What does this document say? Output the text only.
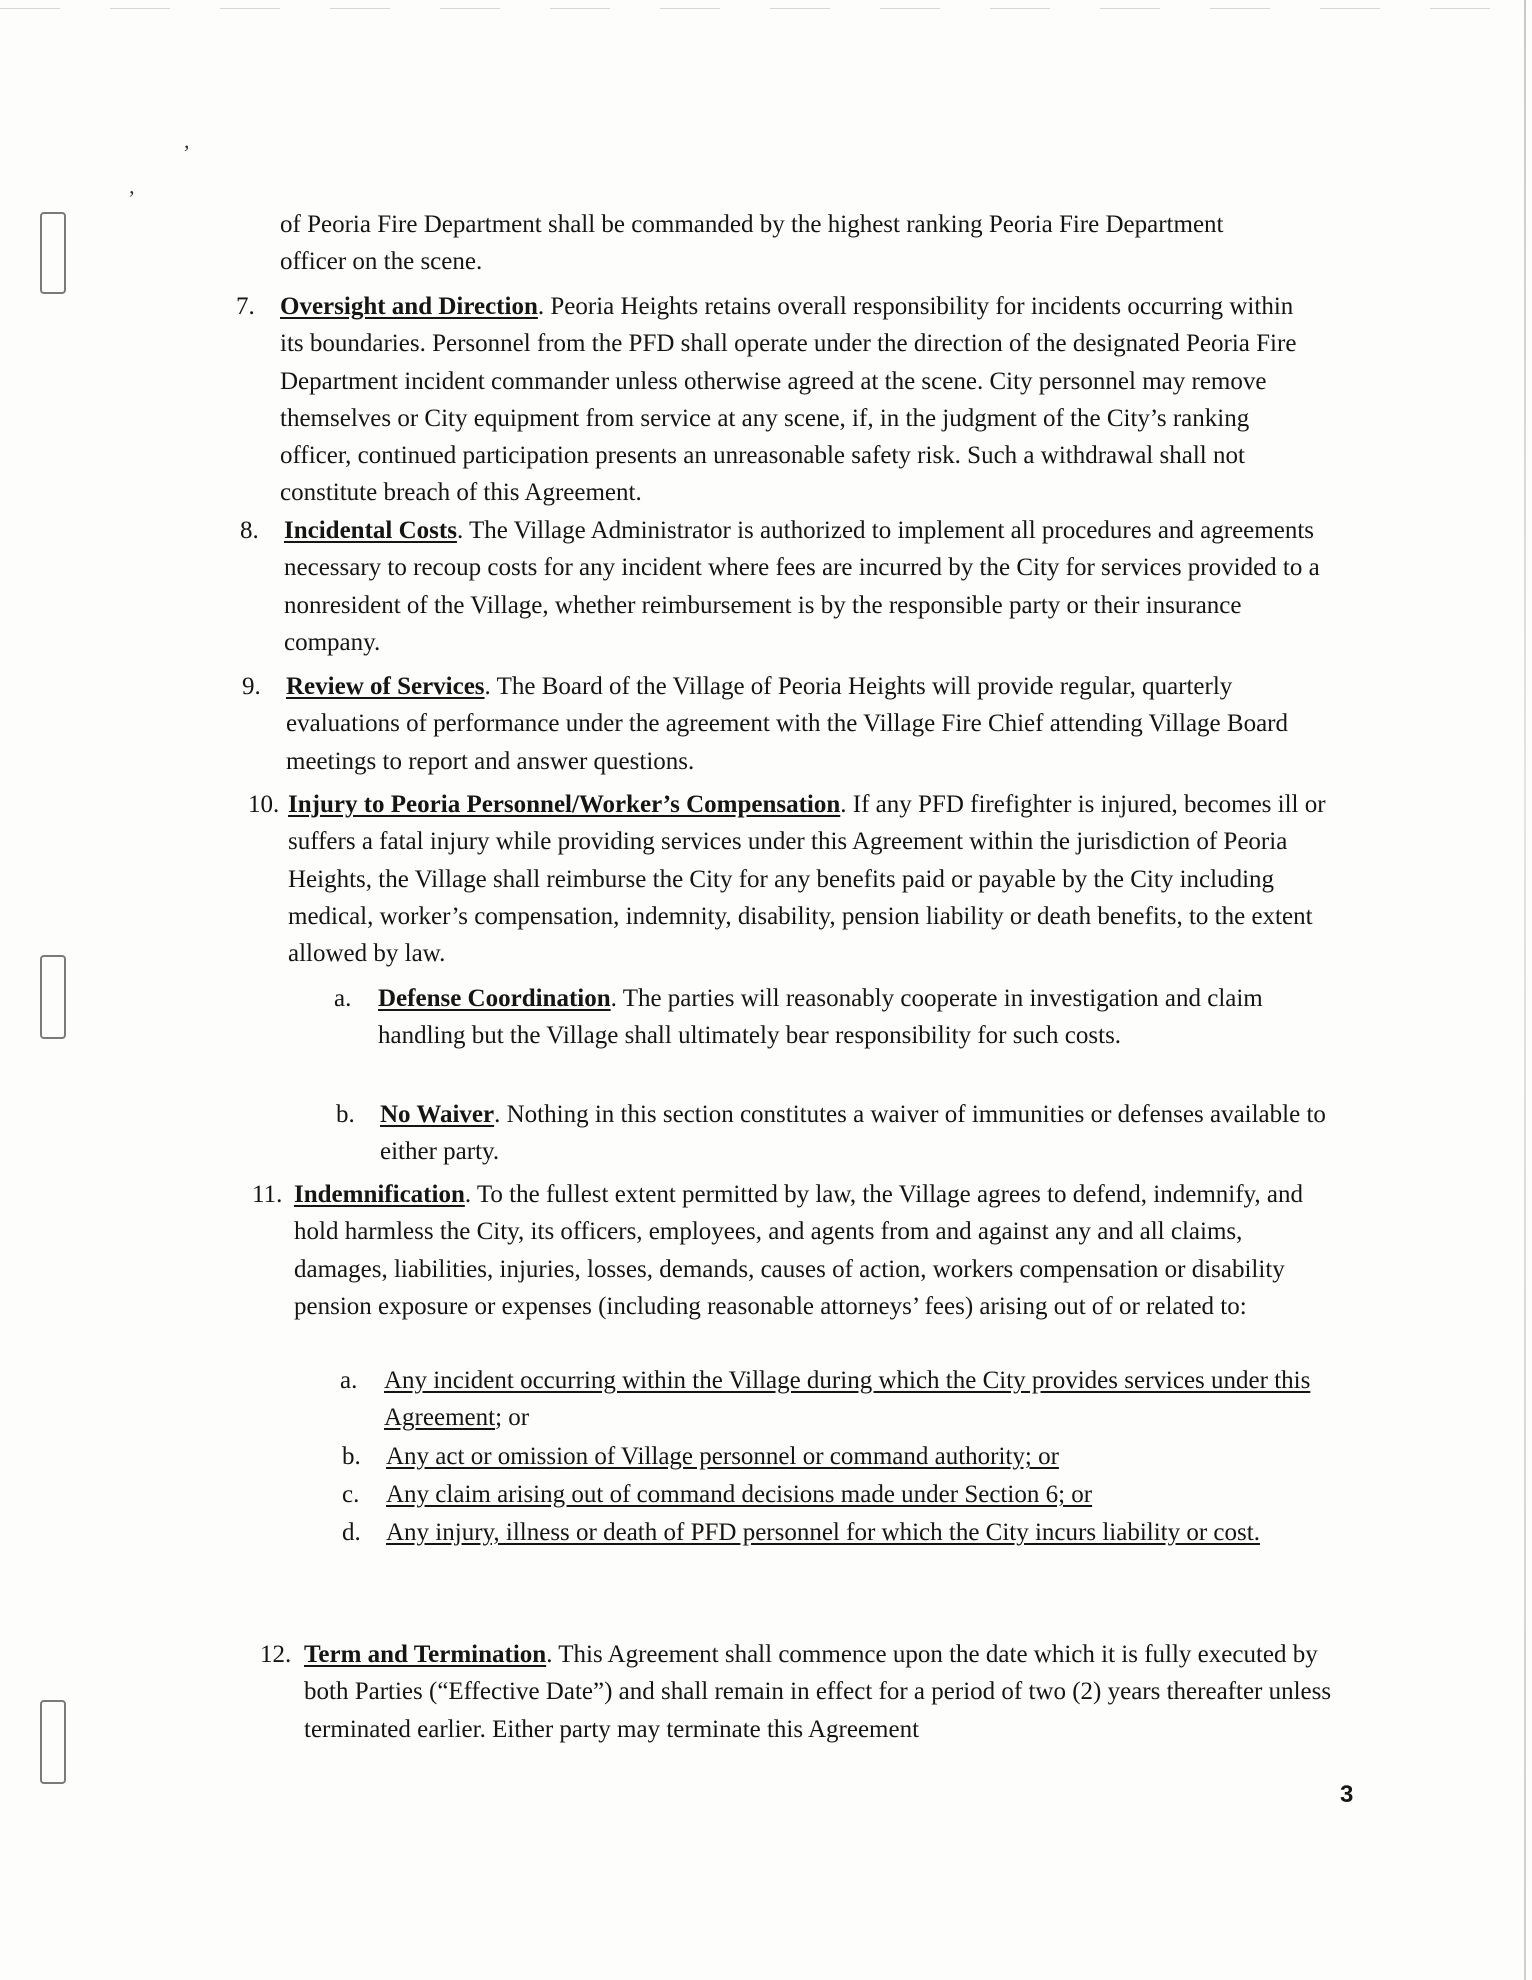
,
ʼ
of Peoria Fire Department shall be commanded by the highest ranking Peoria Fire Department officer on the scene.
7. Oversight and Direction. Peoria Heights retains overall responsibility for incidents occurring within its boundaries. Personnel from the PFD shall operate under the direction of the designated Peoria Fire Department incident commander unless otherwise agreed at the scene. City personnel may remove themselves or City equipment from service at any scene, if, in the judgment of the City’s ranking officer, continued participation presents an unreasonable safety risk. Such a withdrawal shall not constitute breach of this Agreement.
8. Incidental Costs. The Village Administrator is authorized to implement all procedures and agreements necessary to recoup costs for any incident where fees are incurred by the City for services provided to a nonresident of the Village, whether reimbursement is by the responsible party or their insurance company.
9. Review of Services. The Board of the Village of Peoria Heights will provide regular, quarterly evaluations of performance under the agreement with the Village Fire Chief attending Village Board meetings to report and answer questions.
10. Injury to Peoria Personnel/Worker’s Compensation. If any PFD firefighter is injured, becomes ill or suffers a fatal injury while providing services under this Agreement within the jurisdiction of Peoria Heights, the Village shall reimburse the City for any benefits paid or payable by the City including medical, worker’s compensation, indemnity, disability, pension liability or death benefits, to the extent allowed by law.
a. Defense Coordination. The parties will reasonably cooperate in investigation and claim handling but the Village shall ultimately bear responsibility for such costs.
b. No Waiver. Nothing in this section constitutes a waiver of immunities or defenses available to either party.
11. Indemnification. To the fullest extent permitted by law, the Village agrees to defend, indemnify, and hold harmless the City, its officers, employees, and agents from and against any and all claims, damages, liabilities, injuries, losses, demands, causes of action, workers compensation or disability pension exposure or expenses (including reasonable attorneys’ fees) arising out of or related to:
a. Any incident occurring within the Village during which the City provides services under this Agreement; or
b. Any act or omission of Village personnel or command authority; or
c. Any claim arising out of command decisions made under Section 6; or
d. Any injury, illness or death of PFD personnel for which the City incurs liability or cost.
12. Term and Termination. This Agreement shall commence upon the date which it is fully executed by both Parties (“Effective Date”) and shall remain in effect for a period of two (2) years thereafter unless terminated earlier. Either party may terminate this Agreement
3
